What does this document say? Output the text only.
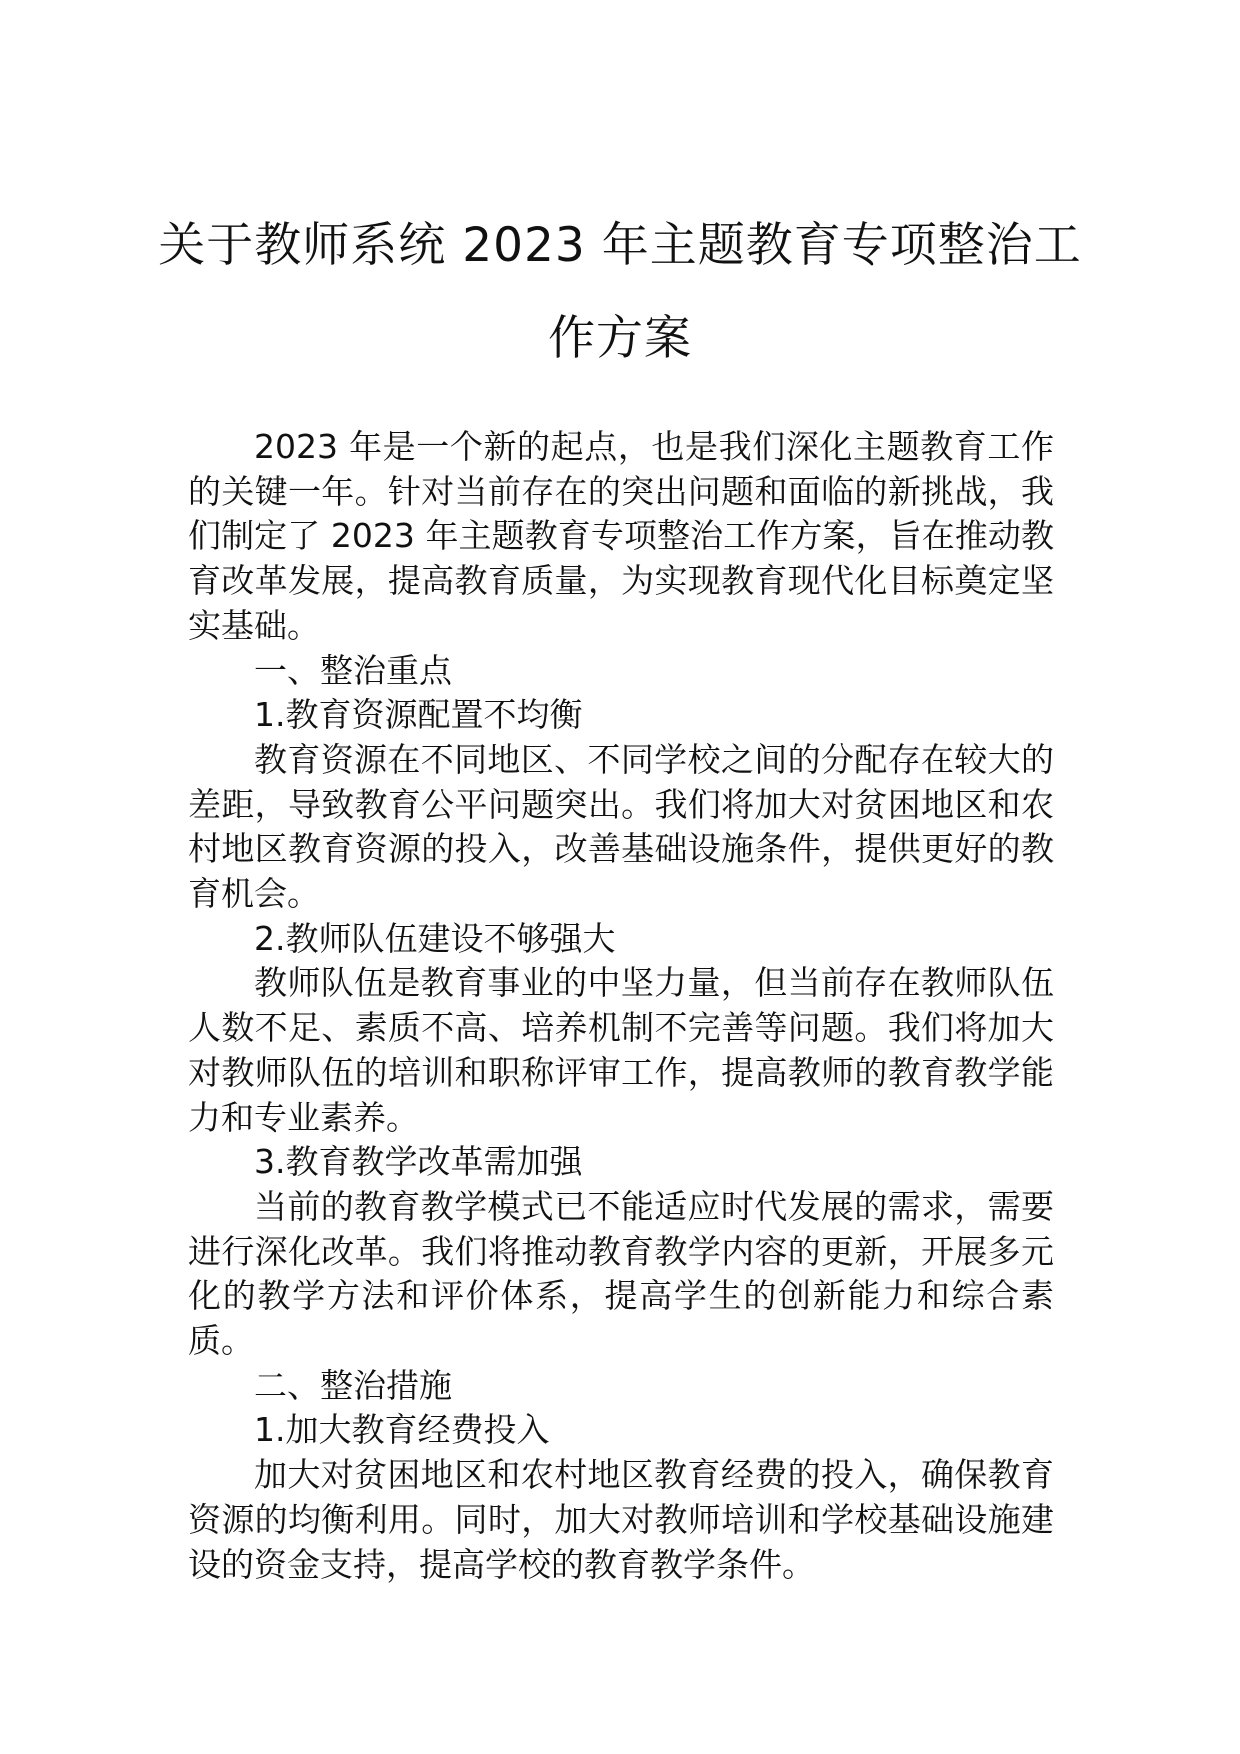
关于教师系统 2023 年主题教育专项整治工
作方案

2023 年是一个新的起点，也是我们深化主题教育工作的关键一年。针对当前存在的突出问题和面临的新挑战，我们制定了 2023 年主题教育专项整治工作方案，旨在推动教育改革发展，提高教育质量，为实现教育现代化目标奠定坚实基础。

一、整治重点

1.教育资源配置不均衡

教育资源在不同地区、不同学校之间的分配存在较大的差距，导致教育公平问题突出。我们将加大对贫困地区和农村地区教育资源的投入，改善基础设施条件，提供更好的教育机会。

2.教师队伍建设不够强大

教师队伍是教育事业的中坚力量，但当前存在教师队伍人数不足、素质不高、培养机制不完善等问题。我们将加大对教师队伍的培训和职称评审工作，提高教师的教育教学能力和专业素养。

3.教育教学改革需加强

当前的教育教学模式已不能适应时代发展的需求，需要进行深化改革。我们将推动教育教学内容的更新，开展多元化的教学方法和评价体系，提高学生的创新能力和综合素质。

二、整治措施

1.加大教育经费投入

加大对贫困地区和农村地区教育经费的投入，确保教育资源的均衡利用。同时，加大对教师培训和学校基础设施建设的资金支持，提高学校的教育教学条件。
